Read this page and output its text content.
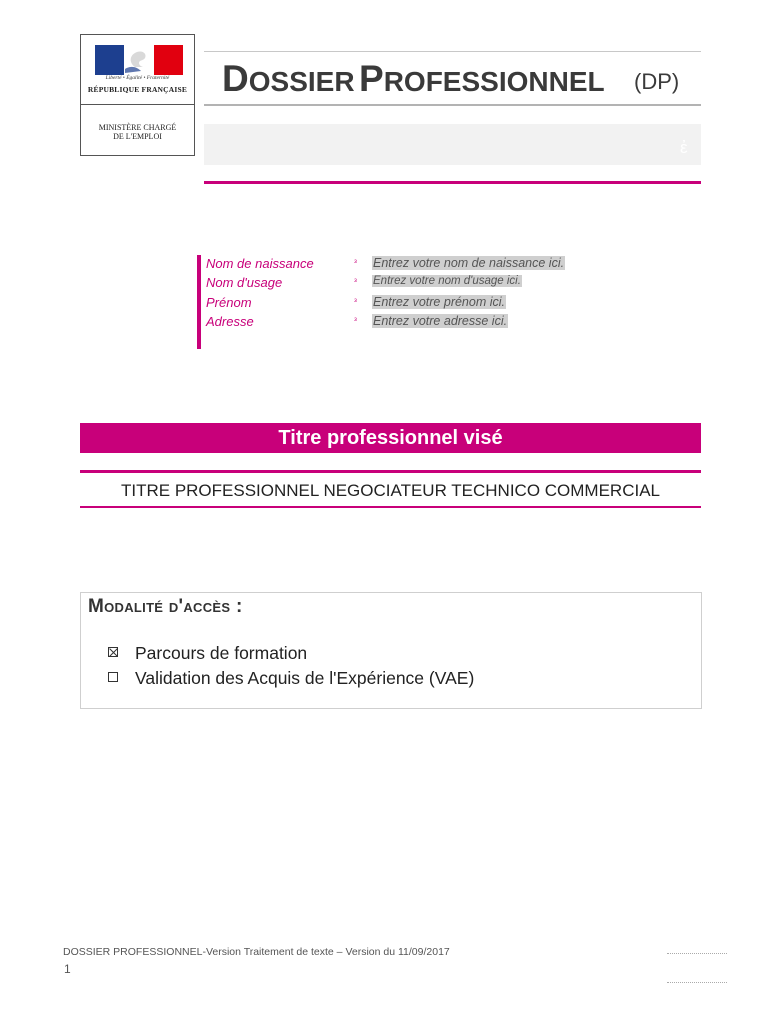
Liberté • Égalité • Fraternité
RÉPUBLIQUE FRANÇAISE
MINISTÈRE CHARGÉ
DE L'EMPLOI
DOSSIER PROFESSIONNEL (DP)
ἐ
Nom de naissance	ᵌ Entrez votre nom de naissance ici.
Nom d'usage	ᵌ Entrez votre nom d'usage ici.
Prénom	ᵌ Entrez votre prénom ici.
Adresse	ᵌ Entrez votre adresse ici.
Titre professionnel visé
TITRE PROFESSIONNEL NEGOCIATEUR TECHNICO COMMERCIAL
Modalité d'accès :
Parcours de formation
Validation des Acquis de l'Expérience (VAE)
DOSSIER PROFESSIONNEL-Version Traitement de texte – Version du 11/09/2017
1
